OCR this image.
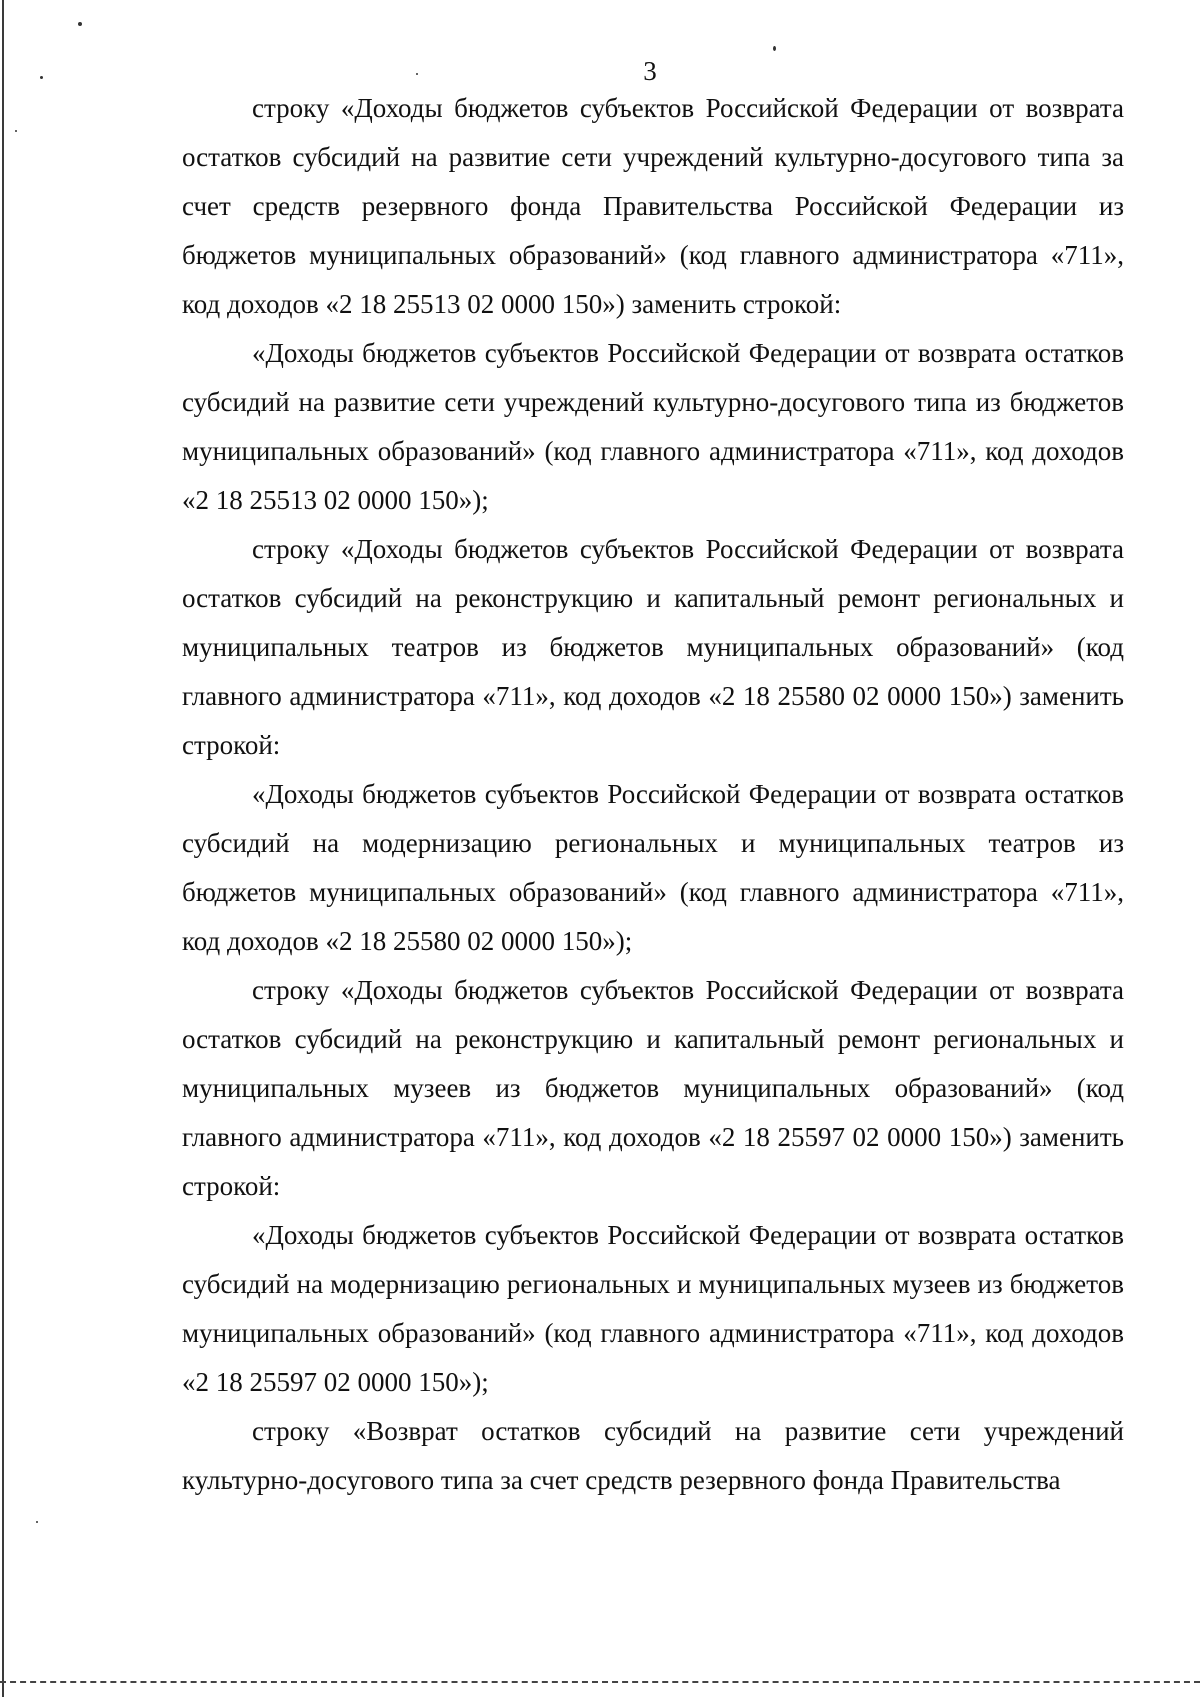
3

строку «Доходы бюджетов субъектов Российской Федерации от возврата остатков субсидий на развитие сети учреждений культурно-досугового типа за счет средств резервного фонда Правительства Российской Федерации из бюджетов муниципальных образований» (код главного администратора «711», код доходов «2 18 25513 02 0000 150») заменить строкой:

«Доходы бюджетов субъектов Российской Федерации от возврата остатков субсидий на развитие сети учреждений культурно-досугового типа из бюджетов муниципальных образований» (код главного администратора «711», код доходов «2 18 25513 02 0000 150»);

строку «Доходы бюджетов субъектов Российской Федерации от возврата остатков субсидий на реконструкцию и капитальный ремонт региональных и муниципальных театров из бюджетов муниципальных образований» (код главного администратора «711», код доходов «2 18 25580 02 0000 150») заменить строкой:

«Доходы бюджетов субъектов Российской Федерации от возврата остатков субсидий на модернизацию региональных и муниципальных театров из бюджетов муниципальных образований» (код главного администратора «711», код доходов «2 18 25580 02 0000 150»);

строку «Доходы бюджетов субъектов Российской Федерации от возврата остатков субсидий на реконструкцию и капитальный ремонт региональных и муниципальных музеев из бюджетов муниципальных образований» (код главного администратора «711», код доходов «2 18 25597 02 0000 150») заменить строкой:

«Доходы бюджетов субъектов Российской Федерации от возврата остатков субсидий на модернизацию региональных и муниципальных музеев из бюджетов муниципальных образований» (код главного администратора «711», код доходов «2 18 25597 02 0000 150»);

строку «Возврат остатков субсидий на развитие сети учреждений культурно-досугового типа за счет средств резервного фонда Правительства
